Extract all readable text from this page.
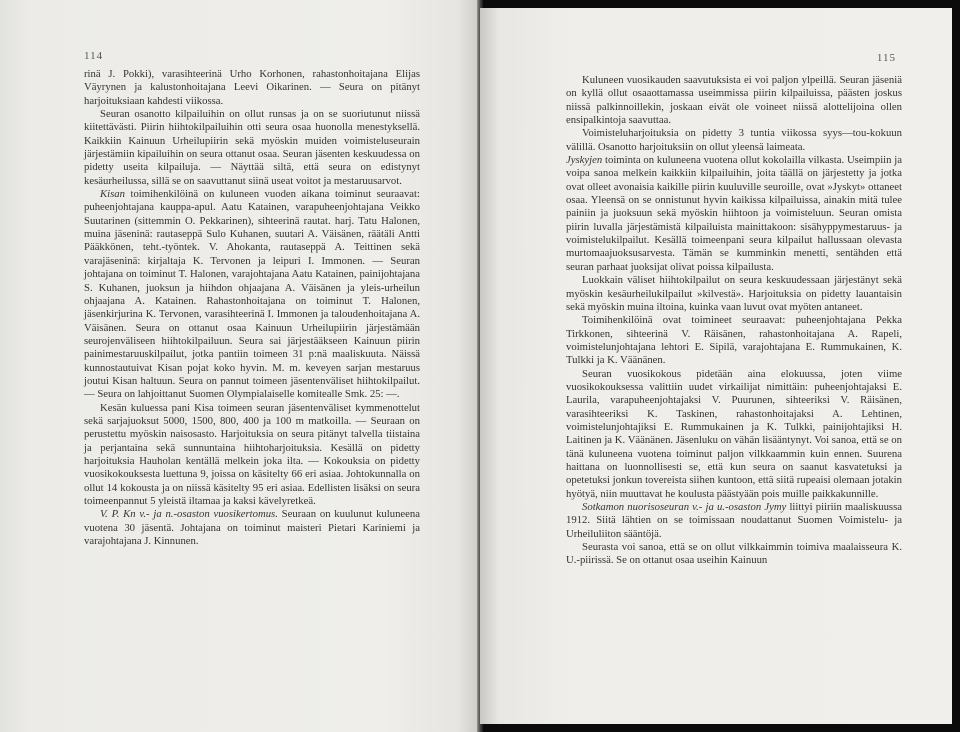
114

rinä J. Pokki), varasihteerinä Urho Korhonen, rahastonhoitajana Elijas Väyrynen ja kalustonhoitajana Leevi Oikarinen. — Seura on pitänyt harjoituksiaan kahdesti viikossa.

Seuran osanotto kilpailuihin on ollut runsas ja on se suoriutunut niissä kiitettävästi. Piirin hiihtokilpailuihin otti seura osaa huonolla menestyksellä. Kaikkiin Kainuun Urheilupiirin sekä myöskin muiden voimisteluseurain järjestämiin kipailuihin on seura ottanut osaa. Seuran jäsenten keskuudessa on pidetty useita kilpailuja. — Näyttää siltä, että seura on edistynyt kesäurheilussa, sillä se on saavuttanut siinä useat voitot ja mestaruusarvot.

Kisan toimihenkilöinä on kuluneen vuoden aikana toiminut seuraavat: puheenjohtajana kauppa-apul. Aatu Katainen, varapuheenjohtajana Veikko Suutarinen (sittemmin O. Pekkarinen), sihteerinä rautat. harj. Tatu Halonen, muina jäseninä: rautaseppä Sulo Kuhanen, suutari A. Väisänen, räätäli Antti Pääkkönen, teht.-työntek. V. Ahokanta, rautaseppä A. Teittinen sekä varajäseninä: kirjaltaja K. Tervonen ja leipuri I. Immonen. — Seuran johtajana on toiminut T. Halonen, varajohtajana Aatu Katainen, painijohtajana S. Kuhanen, juoksun ja hiihdon ohjaajana A. Väisänen ja yleis-urheilun ohjaajana A. Katainen. Rahastonhoitajana on toiminut T. Halonen, jäsenkirjurina K. Tervonen, varasihteerinä I. Immonen ja taloudenhoitajana A. Väisänen. Seura on ottanut osaa Kainuun Urheilupiirin järjestämään seurojenväliseen hiihtokilpailuun. Seura sai järjestääkseen Kainuun piirin painimestaruuskilpailut, jotka pantiin toimeen 31 p:nä maaliskuuta. Näissä kunnostautuivat Kisan pojat koko hyvin. M. m. keveyen sarjan mestaruus joutui Kisan haltuun. Seura on pannut toimeen jäsentenväliset hiihtokilpailut. — Seura on lahjoittanut Suomen Olympialaiselle komitealle Smk. 25: —.

Kesän kuluessa pani Kisa toimeen seuran jäsentenväliset kymmenottelut sekä sarjajuoksut 5000, 1500, 800, 400 ja 100 m matkoilla. — Seuraan on perustettu myöskin naisosasto. Harjoituksia on seura pitänyt talvella tiistaina ja perjantaina sekä sunnuntaina hiihtoharjoituksia. Kesällä on pidetty harjoituksia Hauholan kentällä melkein joka ilta. — Kokouksia on pidetty vuosikokouksesta luettuna 9, joissa on käsitelty 66 eri asiaa. Johtokunnalla on ollut 14 kokousta ja on niissä käsitelty 95 eri asiaa. Edellisten lisäksi on seura toimeenpannut 5 yleistä iltamaa ja kaksi kävelyretkeä.

V. P. Kn v.- ja n.-osaston vuosikertomus. Seuraan on kuulunut kuluneena vuotena 30 jäsentä. Johtajana on toiminut maisteri Pietari Kariniemi ja varajohtajana J. Kinnunen.

115

Kuluneen vuosikauden saavutuksista ei voi paljon ylpeillä. Seuran jäseniä on kyllä ollut osaaottamassa useimmissa piirin kilpailuissa, päästen joskus niissä palkinnoillekin, joskaan eivät ole voineet niissä alottelijoina ollen ensipalkintoja saavuttaa.

Voimisteluharjoituksia on pidetty 3 tuntia viikossa syys—tou-kokuun välillä. Osanotto harjoituksiin on ollut yleensä laimeata.

Jyskyjen toiminta on kuluneena vuotena ollut kokolailla vilkasta. Useimpiin ja voipa sanoa melkein kaikkiin kilpailuihin, joita täällä on järjestetty ja jotka ovat olleet avonaisia kaikille piirin kuuluville seuroille, ovat »Jyskyt» ottaneet osaa. Yleensä on se onnistunut hyvin kaikissa kilpailuissa, ainakin mitä tulee painiin ja juoksuun sekä myöskin hiihtoon ja voimisteluun. Seuran omista piirin luvalla järjestämistä kilpailuista mainittakoon: sisähyppymestaruus- ja voimistelukilpailut. Kesällä toimeenpani seura kilpailut hallussaan olevasta murtomaajuoksusarvesta. Tämän se kumminkin menetti, sentähden että seuran parhaat juoksijat olivat poissa kilpailusta.

Luokkain väliset hiihtokilpailut on seura keskuudessaan järjestänyt sekä myöskin kesäurheilukilpailut »kilvestä». Harjoituksia on pidetty lauantaisin sekä myöskin muina iltoina, kuinka vaan luvut ovat myöten antaneet.

Toimihenkilöinä ovat toimineet seuraavat: puheenjohtajana Pekka Tirkkonen, sihteerinä V. Räisänen, rahastonhoitajana A. Rapeli, voimistelunjohtajana lehtori E. Sipilä, varajohtajana E. Rummukainen, K. Tulkki ja K. Väänänen.

Seuran vuosikokous pidetään aina elokuussa, joten viime vuosikokouksessa valittiin uudet virkailijat nimittäin: puheenjohtajaksi E. Laurila, varapuheenjohtajaksi V. Puurunen, sihteeriksi V. Räisänen, varasihteeriksi K. Taskinen, rahastonhoitajaksi A. Lehtinen, voimistelunjohtajiksi E. Rummukainen ja K. Tulkki, painijohtajiksi H. Laitinen ja K. Väänänen. Jäsenluku on vähän lisääntynyt. Voi sanoa, että se on tänä kuluneena vuotena toiminut paljon vilkkaammin kuin ennen. Suurena haittana on luonnollisesti se, että kun seura on saanut kasvatetuksi ja opetetuksi jonkun tovereista siihen kuntoon, että siitä rupeaisi olemaan jotakin hyötyä, niin muuttavat he koulusta päästyään pois muille paikkakunnille.

Sotkamon nuorisoseuran v.- ja u.-osaston Jymy liittyi piiriin maaliskuussa 1912. Siitä lähtien on se toimissaan noudattanut Suomen Voimistelu- ja Urheiluliiton sääntöjä.

Seurasta voi sanoa, että se on ollut vilkkaimmin toimiva maalaisseura K. U.-piirissä. Se on ottanut osaa useihin Kainuun
